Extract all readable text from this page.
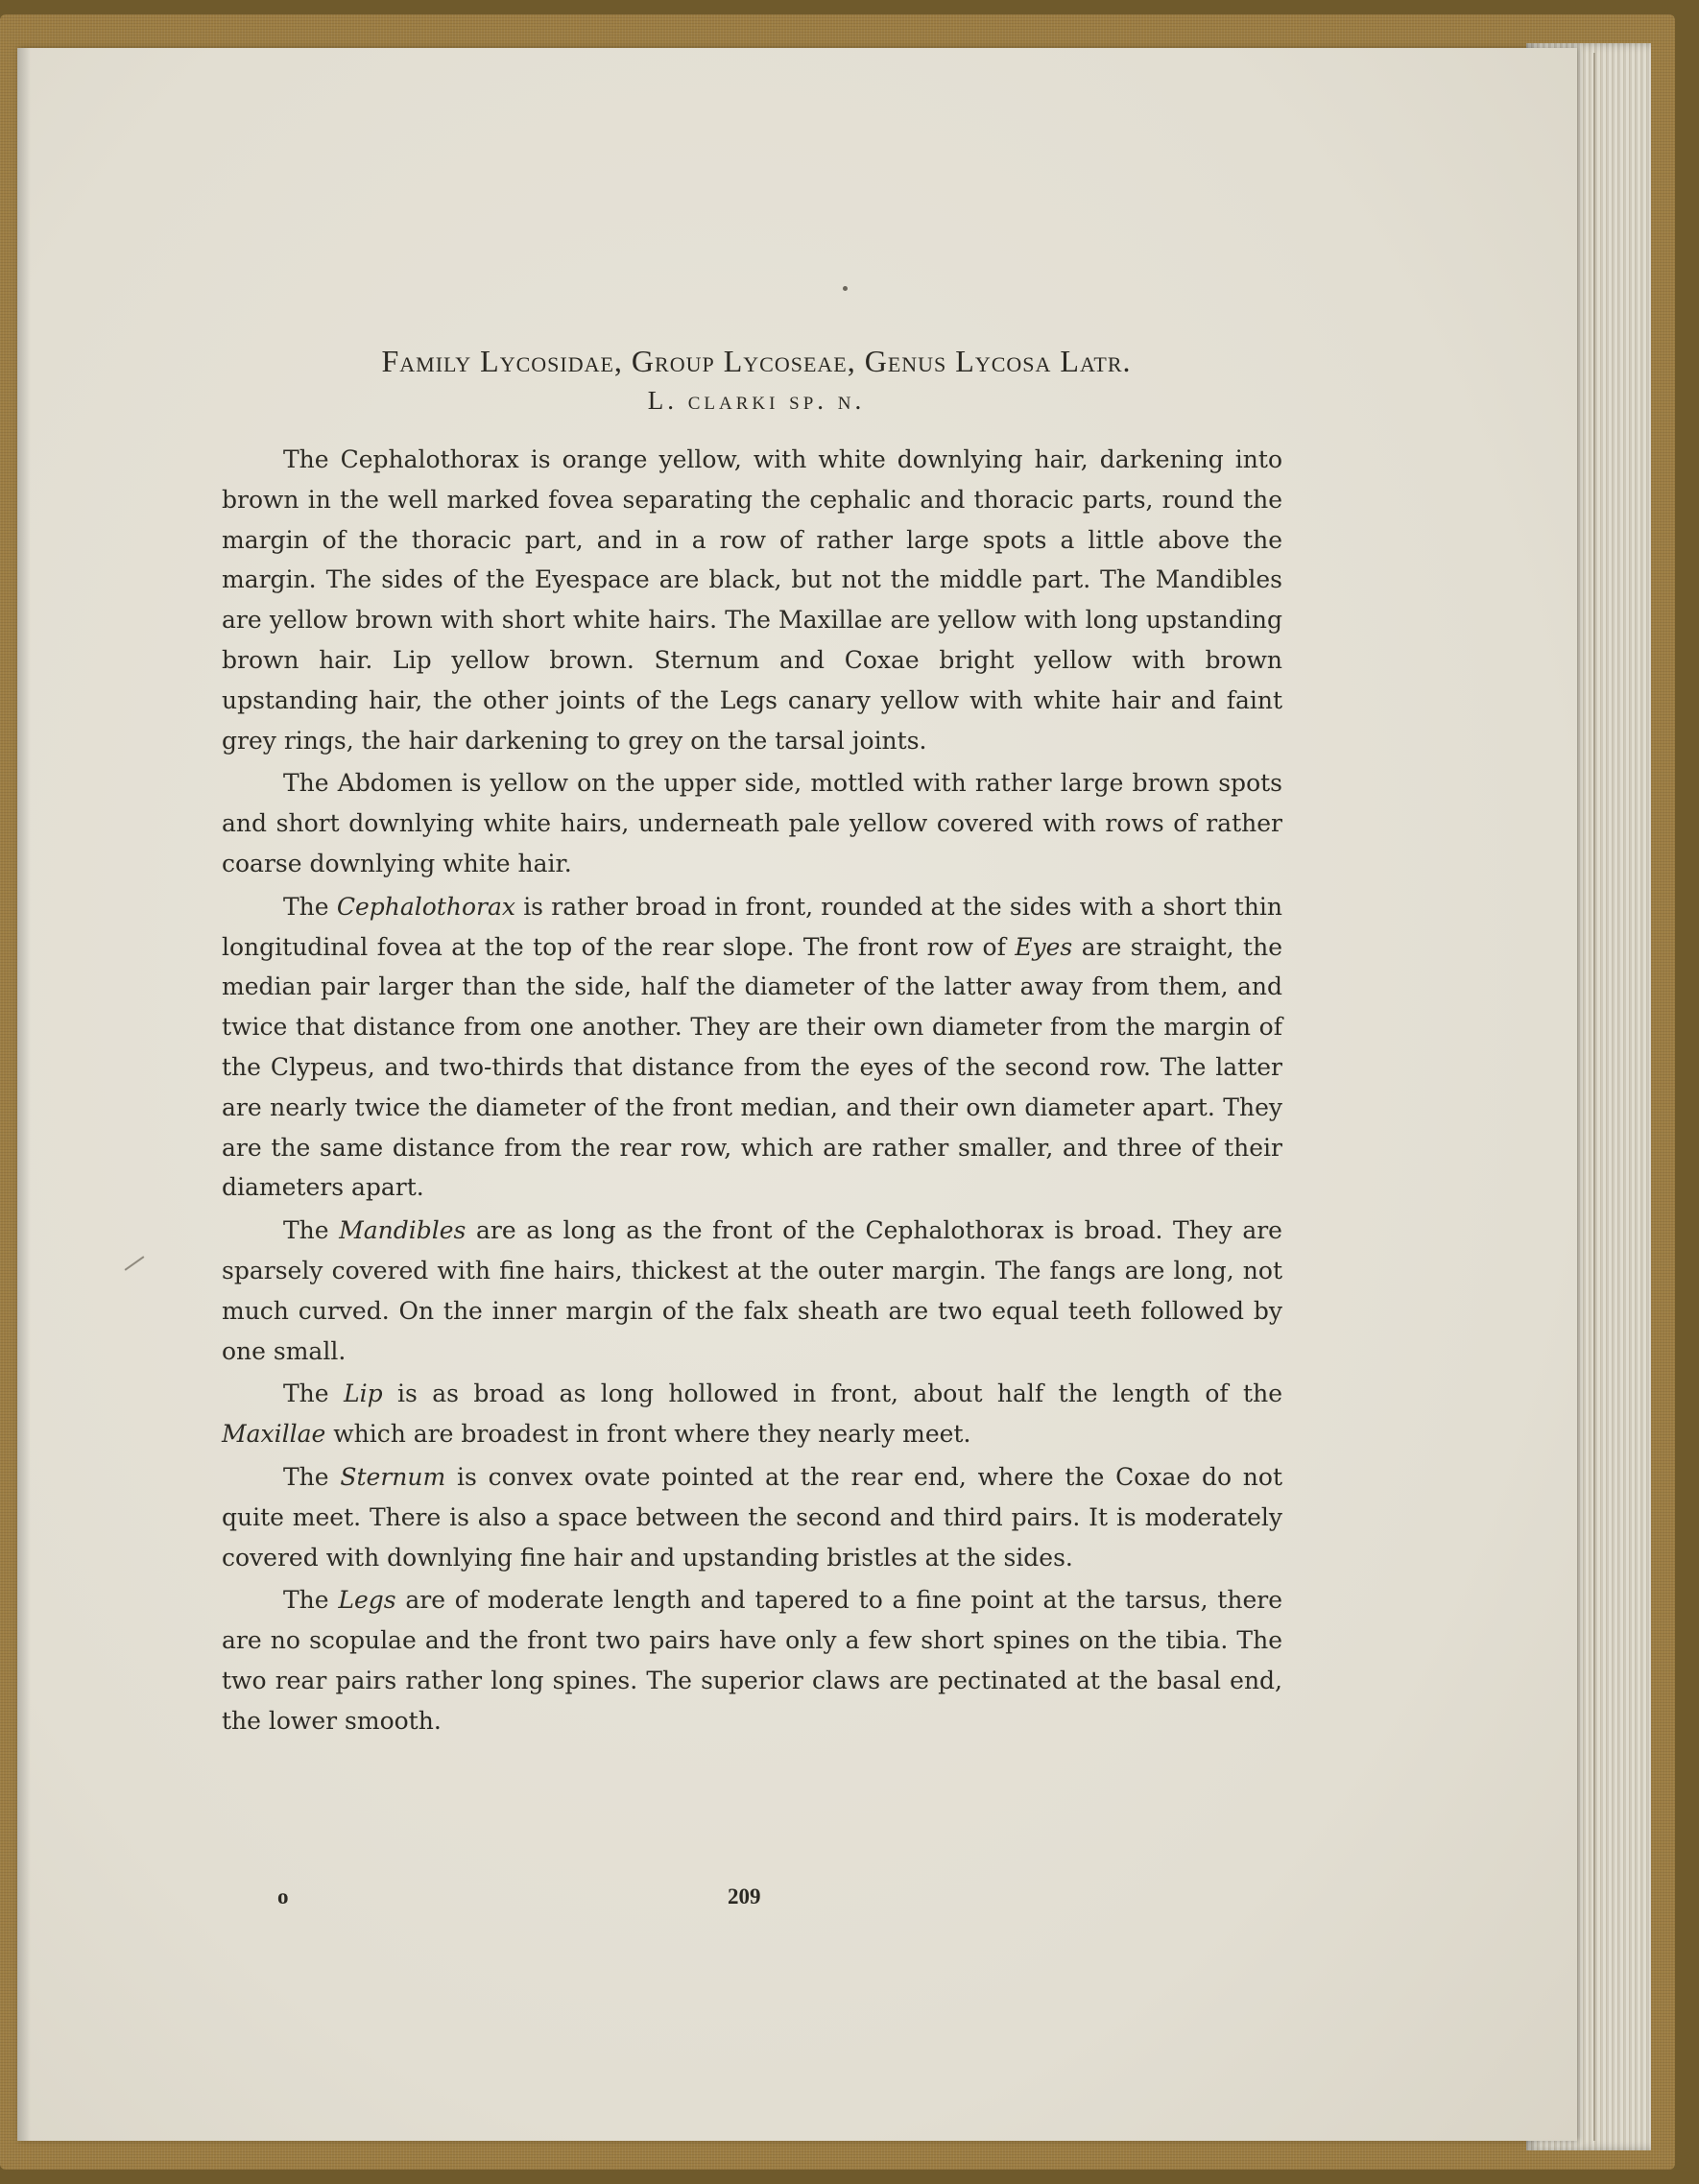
Family Lycosidae, Group Lycoseae, Genus Lycosa Latr.
L. clarki sp. n.

The Cephalothorax is orange yellow, with white downlying hair, darkening into brown in the well marked fovea separating the cephalic and thoracic parts, round the margin of the thoracic part, and in a row of rather large spots a little above the margin. The sides of the Eyespace are black, but not the middle part. The Mandibles are yellow brown with short white hairs. The Maxillae are yellow with long upstanding brown hair. Lip yellow brown. Sternum and Coxae bright yellow with brown upstanding hair, the other joints of the Legs canary yellow with white hair and faint grey rings, the hair darkening to grey on the tarsal joints.

The Abdomen is yellow on the upper side, mottled with rather large brown spots and short downlying white hairs, underneath pale yellow covered with rows of rather coarse downlying white hair.

The Cephalothorax is rather broad in front, rounded at the sides with a short thin longitudinal fovea at the top of the rear slope. The front row of Eyes are straight, the median pair larger than the side, half the diameter of the latter away from them, and twice that distance from one another. They are their own diameter from the margin of the Clypeus, and two-thirds that distance from the eyes of the second row. The latter are nearly twice the diameter of the front median, and their own diameter apart. They are the same distance from the rear row, which are rather smaller, and three of their diameters apart.

The Mandibles are as long as the front of the Cephalothorax is broad. They are sparsely covered with fine hairs, thickest at the outer margin. The fangs are long, not much curved. On the inner margin of the falx sheath are two equal teeth followed by one small.

The Lip is as broad as long hollowed in front, about half the length of the Maxillae which are broadest in front where they nearly meet.

The Sternum is convex ovate pointed at the rear end, where the Coxae do not quite meet. There is also a space between the second and third pairs. It is moderately covered with downlying fine hair and upstanding bristles at the sides.

The Legs are of moderate length and tapered to a fine point at the tarsus, there are no scopulae and the front two pairs have only a few short spines on the tibia. The two rear pairs rather long spines. The superior claws are pectinated at the basal end, the lower smooth.

o	209
